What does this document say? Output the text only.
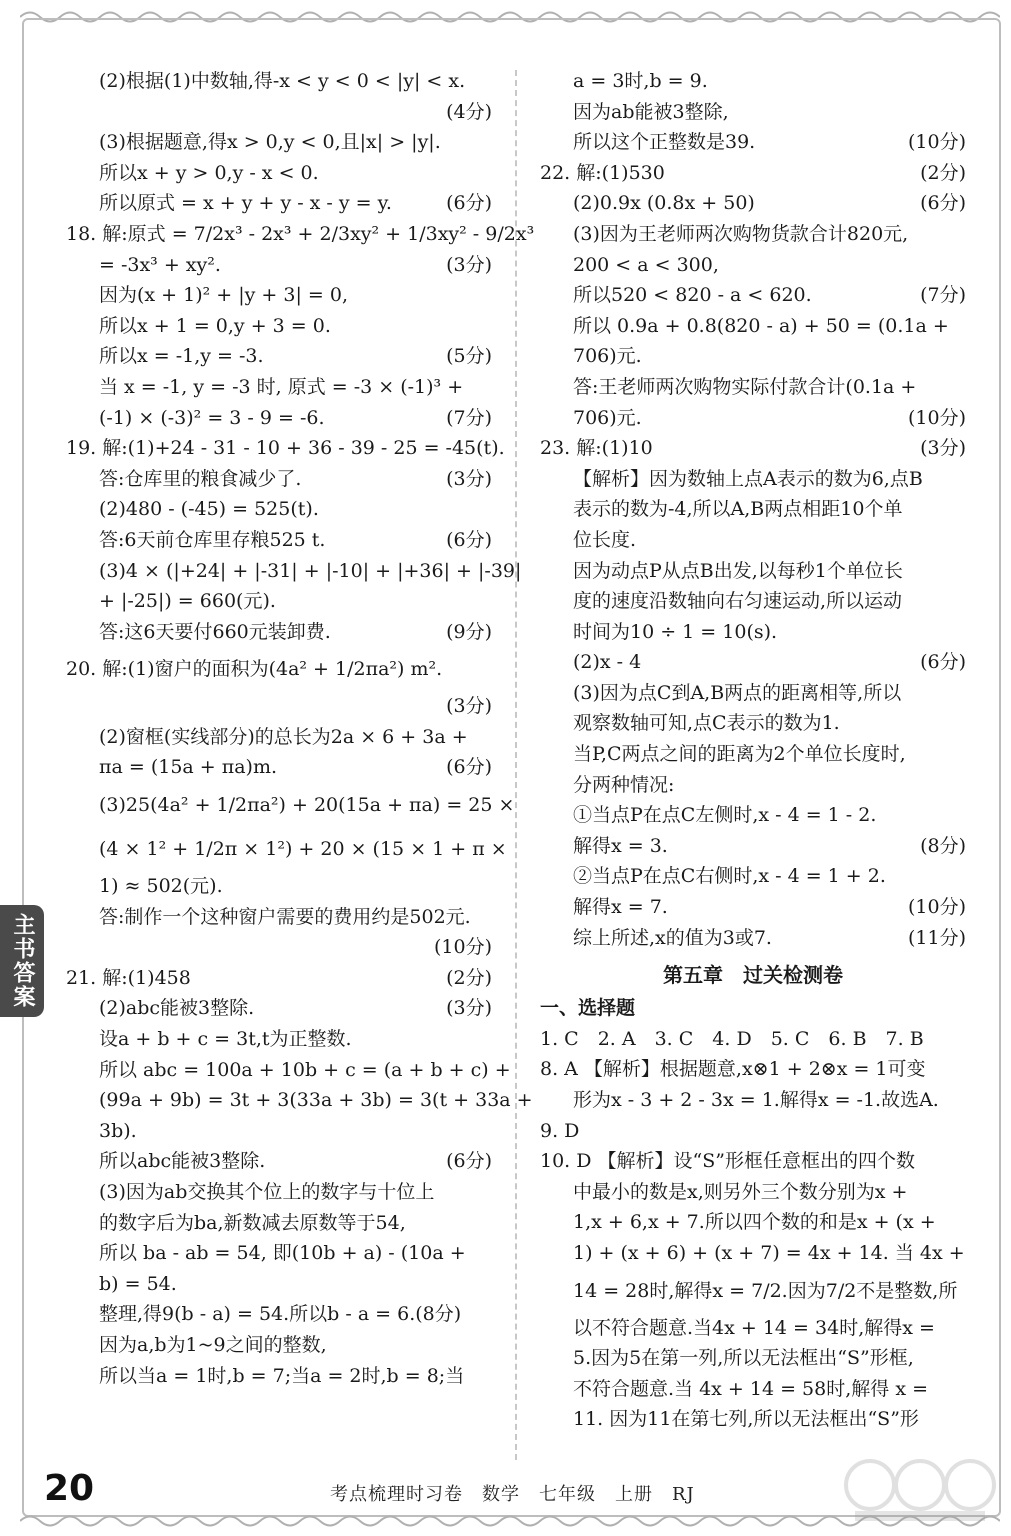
(2)根据(1)中数轴,得-x < y < 0 < |y| < x.
(4分)
(3)根据题意,得x > 0,y < 0,且|x| > |y|.
所以x + y > 0,y - x < 0.
所以原式 = x + y + y - x - y = y.	(6分)
18. 解:原式 = 7/2x³ - 2x³ + 2/3xy² + 1/3xy² - 9/2x³
= -3x³ + xy².	(3分)
因为(x + 1)² + |y + 3| = 0,
所以x + 1 = 0,y + 3 = 0.
所以x = -1,y = -3.	(5分)
当 x = -1, y = -3 时, 原式 = -3 × (-1)³ +
(-1) × (-3)² = 3 - 9 = -6.	(7分)
19. 解:(1)+24 - 31 - 10 + 36 - 39 - 25 = -45(t).
答:仓库里的粮食减少了.	(3分)
(2)480 - (-45) = 525(t).
答:6天前仓库里存粮525 t.	(6分)
(3)4 × (|+24| + |-31| + |-10| + |+36| + |-39|
+ |-25|) = 660(元).
答:这6天要付660元装卸费.	(9分)
20. 解:(1)窗户的面积为(4a² + 1/2πa²) m².
(3分)
(2)窗框(实线部分)的总长为2a × 6 + 3a +
πa = (15a + πa)m.	(6分)
(3)25(4a² + 1/2πa²) + 20(15a + πa) = 25 ×
(4 × 1² + 1/2π × 1²) + 20 × (15 × 1 + π ×
1) ≈ 502(元).
答:制作一个这种窗户需要的费用约是502元.
(10分)
21. 解:(1)458	(2分)
(2)abc能被3整除.	(3分)
设a + b + c = 3t,t为正整数.
所以 abc = 100a + 10b + c = (a + b + c) +
(99a + 9b) = 3t + 3(33a + 3b) = 3(t + 33a +
3b).
所以abc能被3整除.	(6分)
(3)因为ab交换其个位上的数字与十位上
的数字后为ba,新数减去原数等于54,
所以 ba - ab = 54, 即(10b + a) - (10a +
b) = 54.
整理,得9(b - a) = 54.所以b - a = 6.(8分)
因为a,b为1~9之间的整数,
所以当a = 1时,b = 7;当a = 2时,b = 8;当
a = 3时,b = 9.
因为ab能被3整除,
所以这个正整数是39.	(10分)
22. 解:(1)530	(2分)
(2)0.9x (0.8x + 50)	(6分)
(3)因为王老师两次购物货款合计820元,
200 < a < 300,
所以520 < 820 - a < 620.	(7分)
所以 0.9a + 0.8(820 - a) + 50 = (0.1a +
706)元.
答:王老师两次购物实际付款合计(0.1a +
706)元.	(10分)
23. 解:(1)10	(3分)
【解析】因为数轴上点A表示的数为6,点B
表示的数为-4,所以A,B两点相距10个单
位长度.
因为动点P从点B出发,以每秒1个单位长
度的速度沿数轴向右匀速运动,所以运动
时间为10 ÷ 1 = 10(s).
(2)x - 4	(6分)
(3)因为点C到A,B两点的距离相等,所以
观察数轴可知,点C表示的数为1.
当P,C两点之间的距离为2个单位长度时,
分两种情况:
①当点P在点C左侧时,x - 4 = 1 - 2.
解得x = 3.	(8分)
②当点P在点C右侧时,x - 4 = 1 + 2.
解得x = 7.	(10分)
综上所述,x的值为3或7.	(11分)
第五章　过关检测卷
一、选择题
1. C　2. A　3. C　4. D　5. C　6. B　7. B
8. A 【解析】根据题意,x⊗1 + 2⊗x = 1可变
形为x - 3 + 2 - 3x = 1.解得x = -1.故选A.
9. D
10. D 【解析】设“S”形框任意框出的四个数
中最小的数是x,则另外三个数分别为x +
1,x + 6,x + 7.所以四个数的和是x + (x +
1) + (x + 6) + (x + 7) = 4x + 14. 当 4x +
14 = 28时,解得x = 7/2.因为7/2不是整数,所
以不符合题意.当4x + 14 = 34时,解得x =
5.因为5在第一列,所以无法框出“S”形框,
不符合题意.当 4x + 14 = 58时,解得 x =
11. 因为11在第七列,所以无法框出“S”形
主书答案
20	考点梳理时习卷　数学　七年级　上册　RJ
